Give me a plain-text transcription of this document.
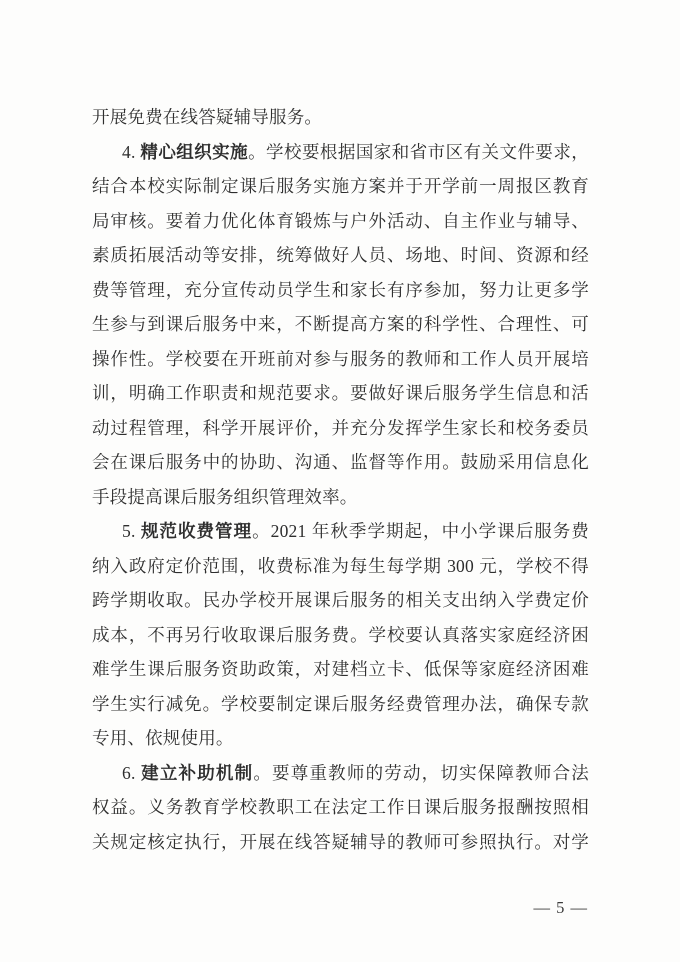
开展免费在线答疑辅导服务。
4. 精心组织实施。学校要根据国家和省市区有关文件要求，
结合本校实际制定课后服务实施方案并于开学前一周报区教育
局审核。要着力优化体育锻炼与户外活动、自主作业与辅导、
素质拓展活动等安排，统筹做好人员、场地、时间、资源和经
费等管理，充分宣传动员学生和家长有序参加，努力让更多学
生参与到课后服务中来，不断提高方案的科学性、合理性、可
操作性。学校要在开班前对参与服务的教师和工作人员开展培
训，明确工作职责和规范要求。要做好课后服务学生信息和活
动过程管理，科学开展评价，并充分发挥学生家长和校务委员
会在课后服务中的协助、沟通、监督等作用。鼓励采用信息化
手段提高课后服务组织管理效率。
5. 规范收费管理。2021 年秋季学期起，中小学课后服务费
纳入政府定价范围，收费标准为每生每学期 300 元，学校不得
跨学期收取。民办学校开展课后服务的相关支出纳入学费定价
成本，不再另行收取课后服务费。学校要认真落实家庭经济困
难学生课后服务资助政策，对建档立卡、低保等家庭经济困难
学生实行减免。学校要制定课后服务经费管理办法，确保专款
专用、依规使用。
6. 建立补助机制。要尊重教师的劳动，切实保障教师合法
权益。义务教育学校教职工在法定工作日课后服务报酬按照相
关规定核定执行，开展在线答疑辅导的教师可参照执行。对学
— 5 —
